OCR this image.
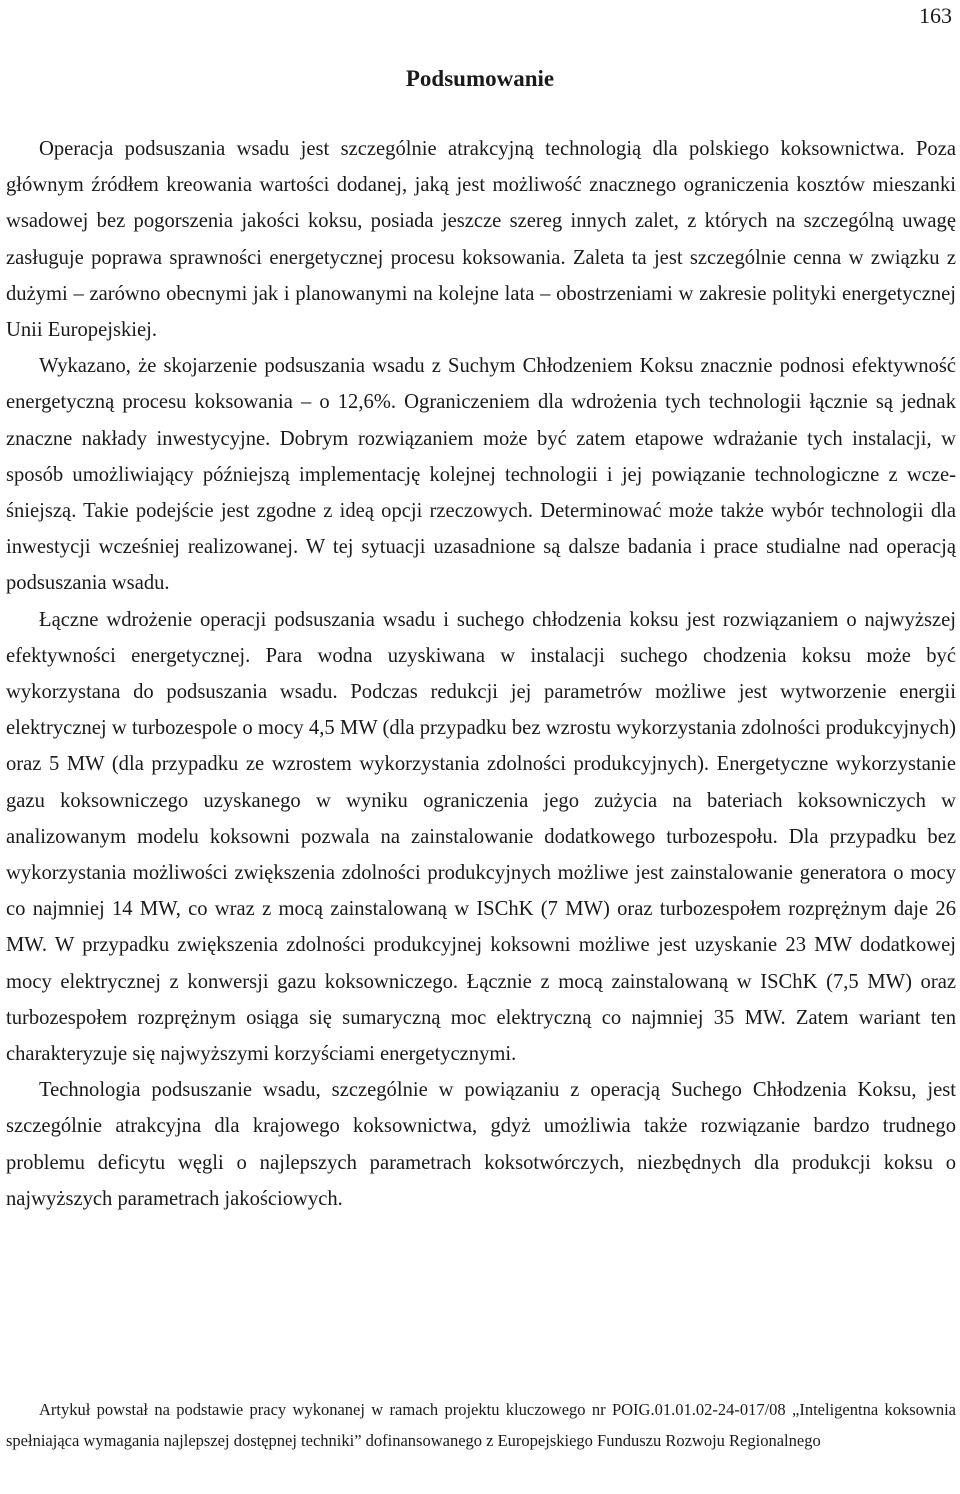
163
Podsumowanie

Operacja podsuszania wsadu jest szczególnie atrakcyjną technologią dla polskiego koksownictwa. Poza głównym źródłem kreowania wartości dodanej, jaką jest możliwość znacznego ograniczenia kosztów mieszanki wsadowej bez pogorszenia jakości koksu, posiada jeszcze szereg innych zalet, z których na szczególną uwagę zasługuje poprawa sprawności energetycznej procesu koksowania. Zaleta ta jest szczególnie cenna w związku z dużymi – zarówno obecnymi jak i planowanymi na kolejne lata – obostrzeniami w zakresie polityki energetycznej Unii Europejskiej.

Wykazano, że skojarzenie podsuszania wsadu z Suchym Chłodzeniem Koksu znacznie podnosi efektywność energetyczną procesu koksowania – o 12,6%. Ograniczeniem dla wdrożenia tych technologii łącznie są jednak znaczne nakłady inwestycyjne. Dobrym rozwiązaniem może być zatem etapowe wdrażanie tych instalacji, w sposób umożliwiający późniejszą implementację kolejnej technologii i jej powiązanie technologiczne z wcześniejszą. Takie podejście jest zgodne z ideą opcji rzeczowych. Determinować może także wybór technologii dla inwestycji wcześniej realizowanej. W tej sytuacji uzasadnione są dalsze badania i prace studialne nad operacją podsuszania wsadu.

Łączne wdrożenie operacji podsuszania wsadu i suchego chłodzenia koksu jest rozwiązaniem o najwyższej efektywności energetycznej. Para wodna uzyskiwana w instalacji suchego chodzenia koksu może być wykorzystana do podsuszania wsadu. Podczas redukcji jej parametrów możliwe jest wytworzenie energii elektrycznej w turbozespole o mocy 4,5 MW (dla przypadku bez wzrostu wykorzystania zdolności produkcyjnych) oraz 5 MW (dla przypadku ze wzrostem wykorzystania zdolności produkcyjnych). Energetyczne wykorzystanie gazu koksowniczego uzyskanego w wyniku ograniczenia jego zużycia na bateriach koksowniczych w analizowanym modelu koksowni pozwala na zainstalowanie dodatkowego turbozespołu. Dla przypadku bez wykorzystania możliwości zwiększenia zdolności produkcyjnych możliwe jest zainstalowanie generatora o mocy co najmniej 14 MW, co wraz z mocą zainstalowaną w ISChK (7 MW) oraz turbozespołem rozprężnym daje 26 MW. W przypadku zwiększenia zdolności produkcyjnej koksowni możliwe jest uzyskanie 23 MW dodatkowej mocy elektrycznej z konwersji gazu koksowniczego. Łącznie z mocą zainstalowaną w ISChK (7,5 MW) oraz turbozespołem rozprężnym osiąga się sumaryczną moc elektryczną co najmniej 35 MW. Zatem wariant ten charakteryzuje się najwyższymi korzyściami energetycznymi.

Technologia podsuszanie wsadu, szczególnie w powiązaniu z operacją Suchego Chłodzenia Koksu, jest szczególnie atrakcyjna dla krajowego koksownictwa, gdyż umożliwia także rozwiązanie bardzo trudnego problemu deficytu węgli o najlepszych parametrach koksotwórczych, niezbędnych dla produkcji koksu o najwyższych parametrach jakościowych.

Artykuł powstał na podstawie pracy wykonanej w ramach projektu kluczowego nr POIG.01.01.02-24-017/08 „Inteligentna koksownia spełniająca wymagania najlepszej dostępnej techniki” dofinansowanego z Europejskiego Funduszu Rozwoju Regionalnego
